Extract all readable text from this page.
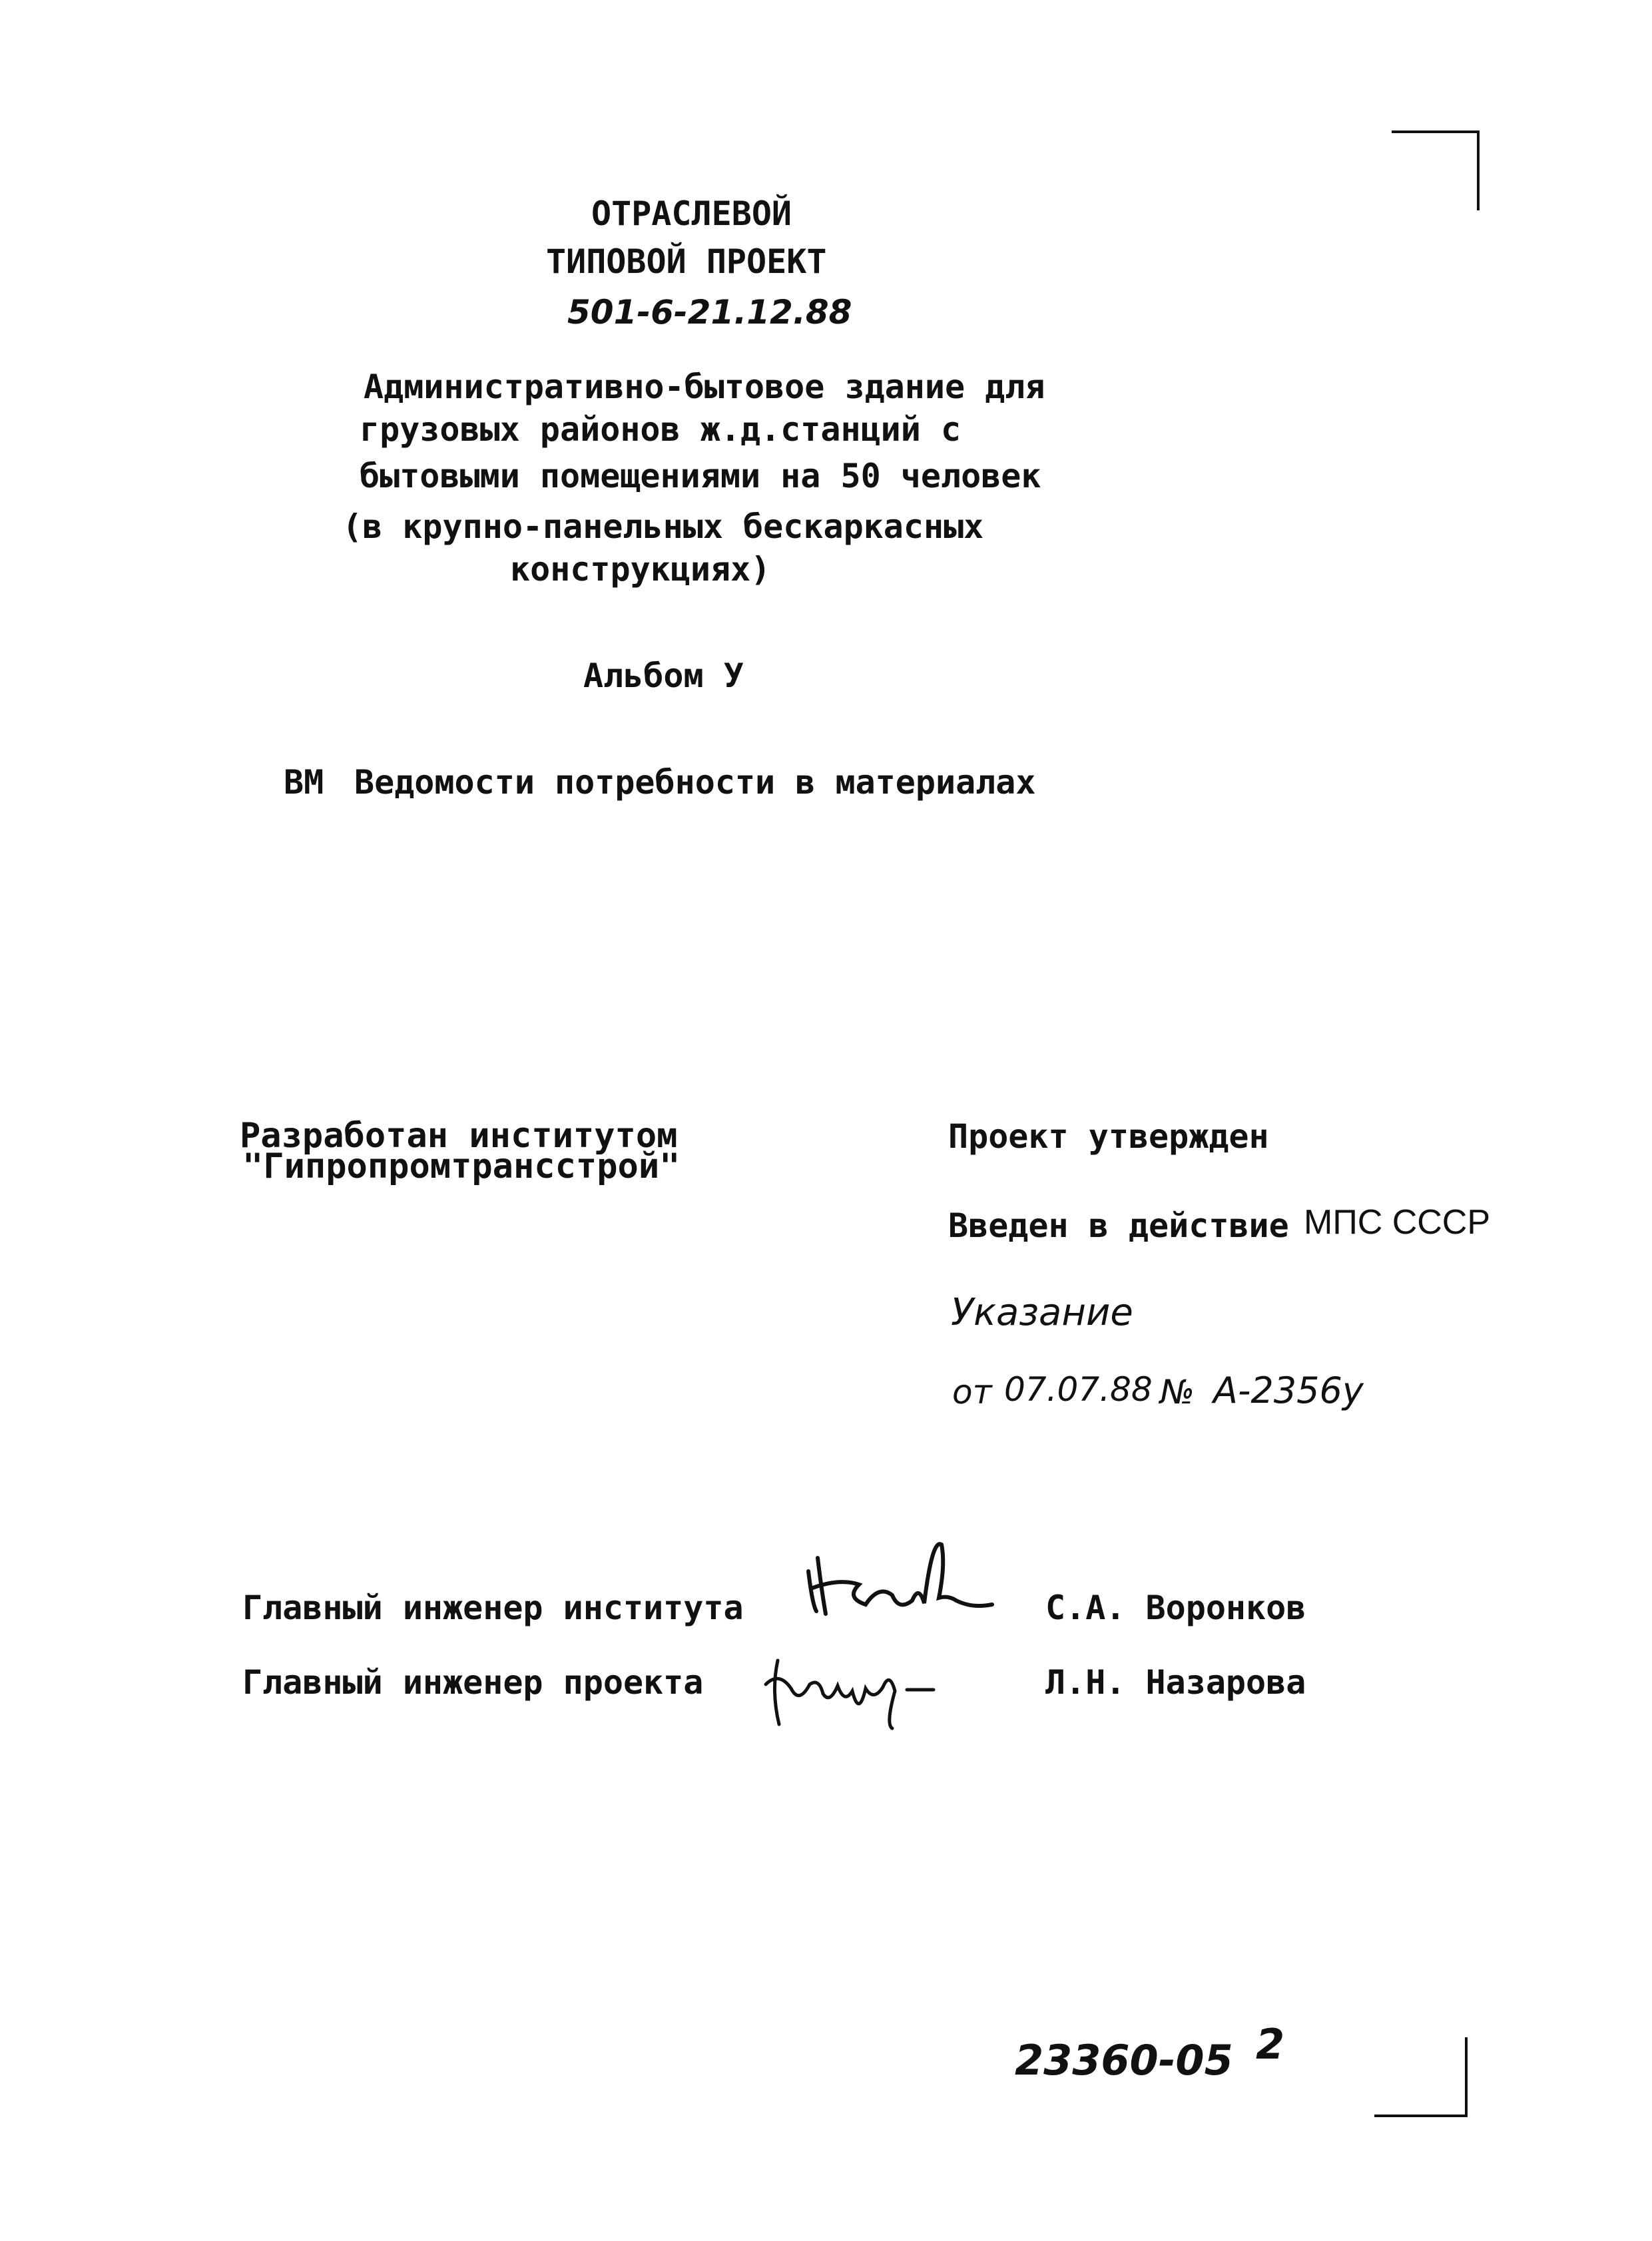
ОТРАСЛЕВОЙ
ТИПОВОЙ ПРОЕКТ
501-6-21.12.88
Административно-бытовое здание для
грузовых районов ж.д.станций с
бытовыми помещениями на 50 человек
(в крупно-панельных бескаркасных
конструкциях)
Альбом У
ВМ Ведомости потребности в материалах
Разработан институтом
"Гипропромтрансстрой"
Проект утвержден
Введен в действие МПС СССР
Указание
от 07.07.88 № А-2356у
Главный инженер института	С.А. Воронков
Главный инженер проекта	Л.Н. Назарова
23360-05 2
